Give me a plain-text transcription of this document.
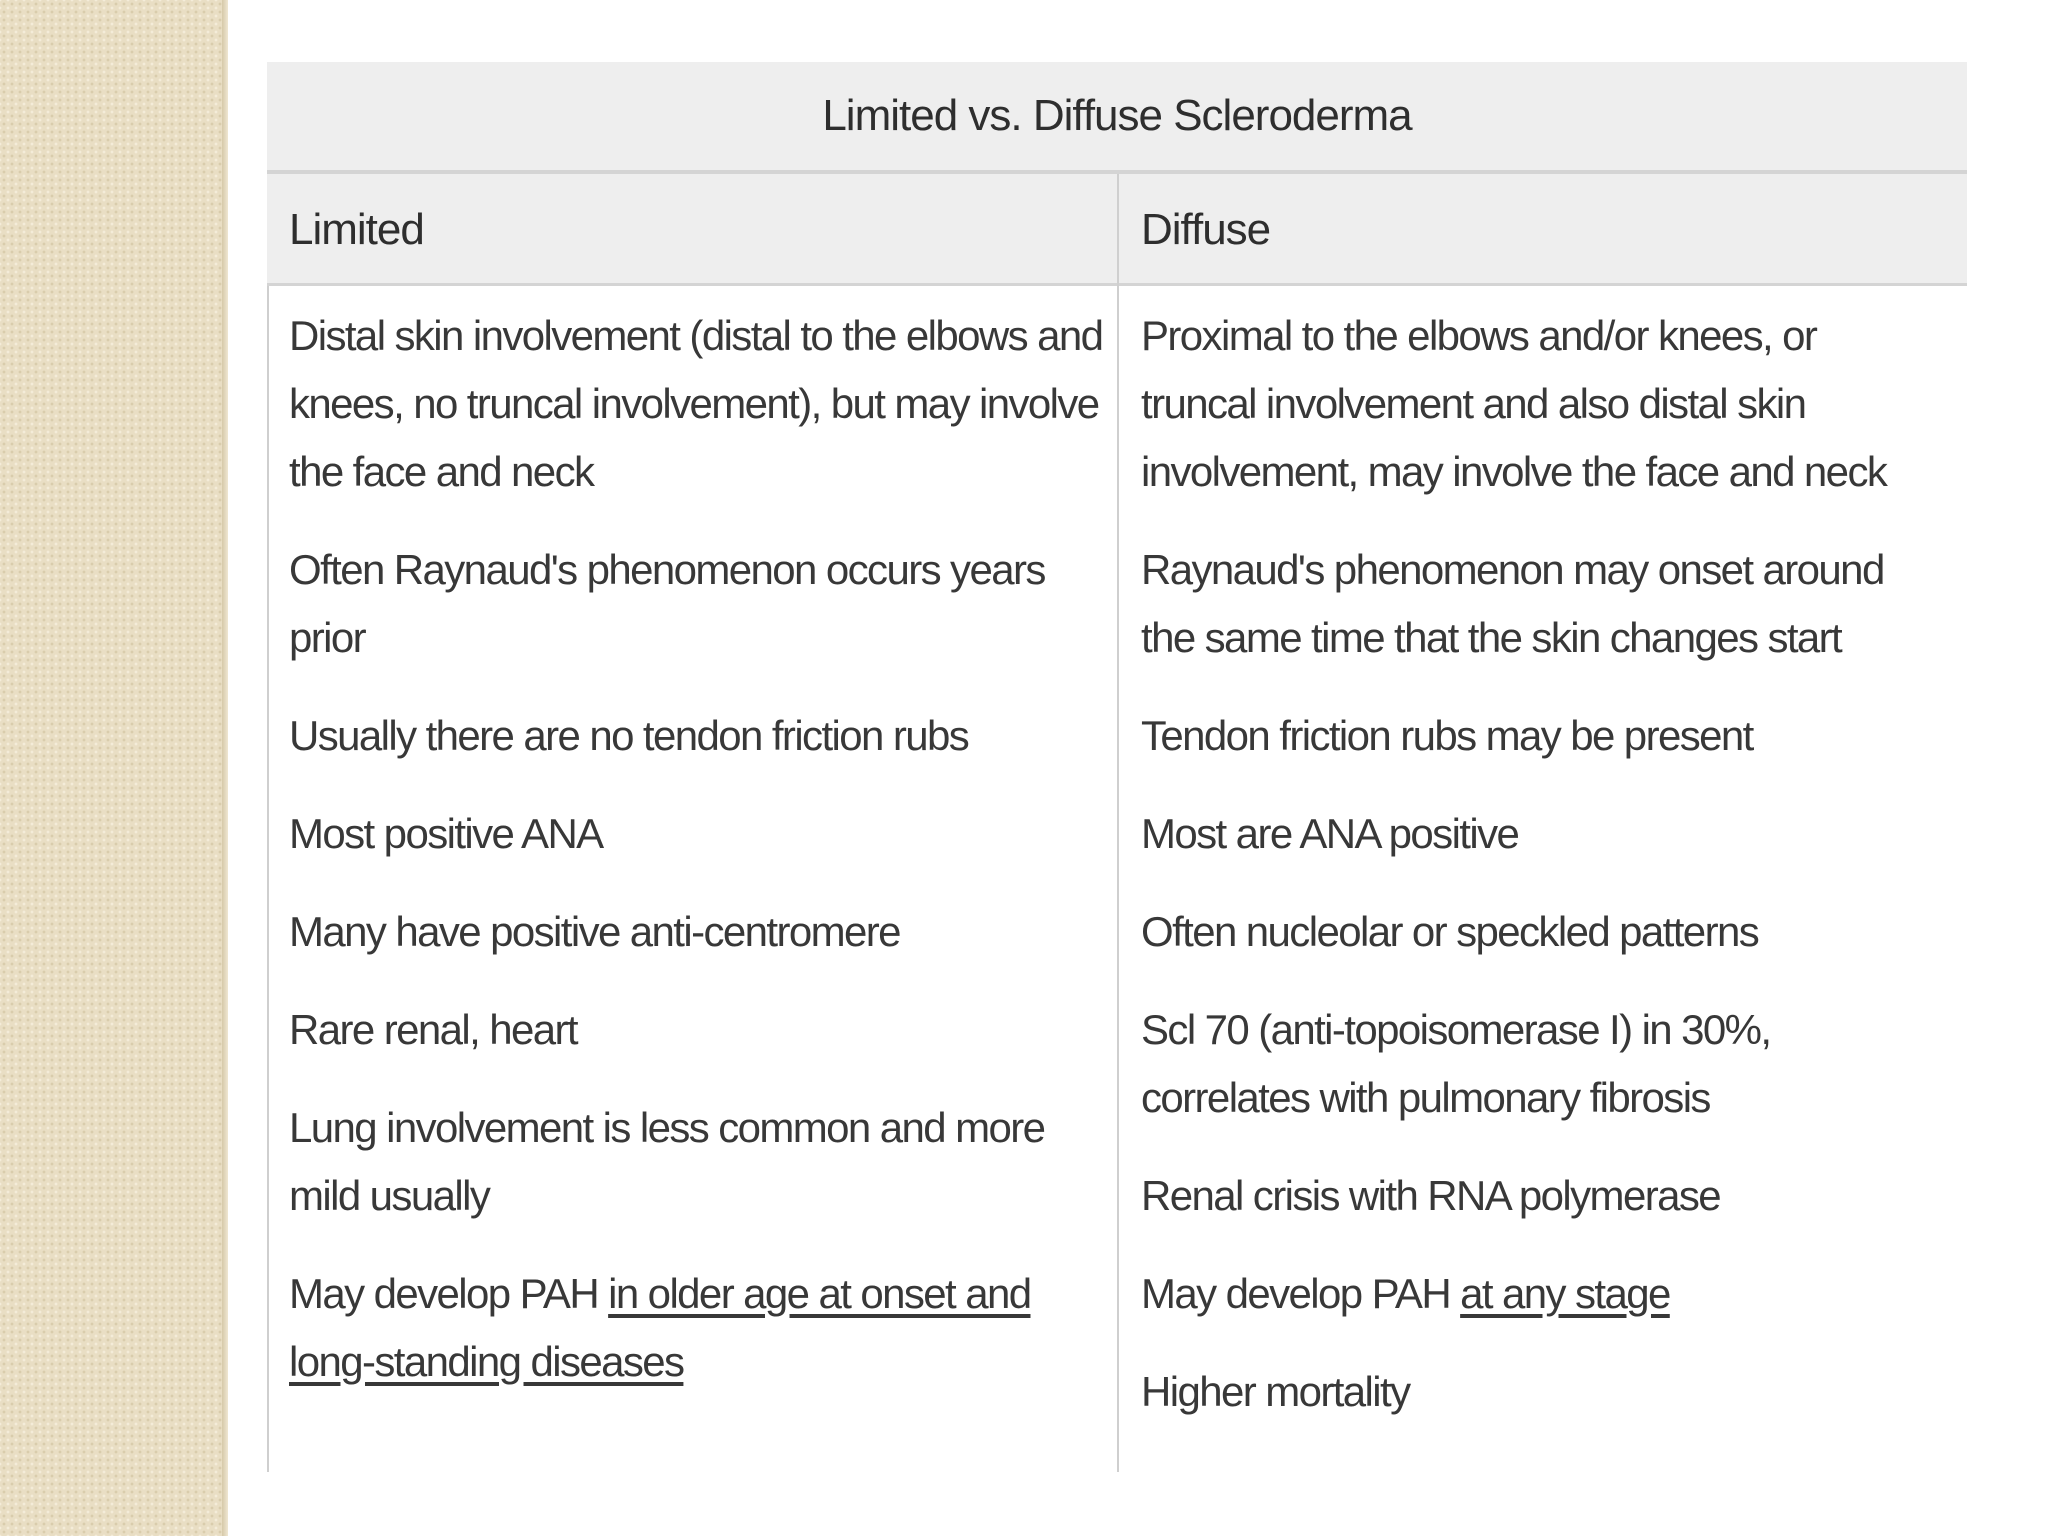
Limited vs. Diffuse Scleroderma
Limited	Diffuse

Distal skin involvement (distal to the elbows and knees, no truncal involvement), but may involve the face and neck

Often Raynaud's phenomenon occurs years prior

Usually there are no tendon friction rubs

Most positive ANA

Many have positive anti-centromere

Rare renal, heart

Lung involvement is less common and more mild usually

May develop PAH in older age at onset and long-standing diseases

Proximal to the elbows and/or knees, or truncal involvement and also distal skin involvement, may involve the face and neck

Raynaud's phenomenon may onset around the same time that the skin changes start

Tendon friction rubs may be present

Most are ANA positive

Often nucleolar or speckled patterns

Scl 70 (anti-topoisomerase I) in 30%, correlates with pulmonary fibrosis

Renal crisis with RNA polymerase

May develop PAH at any stage

Higher mortality
